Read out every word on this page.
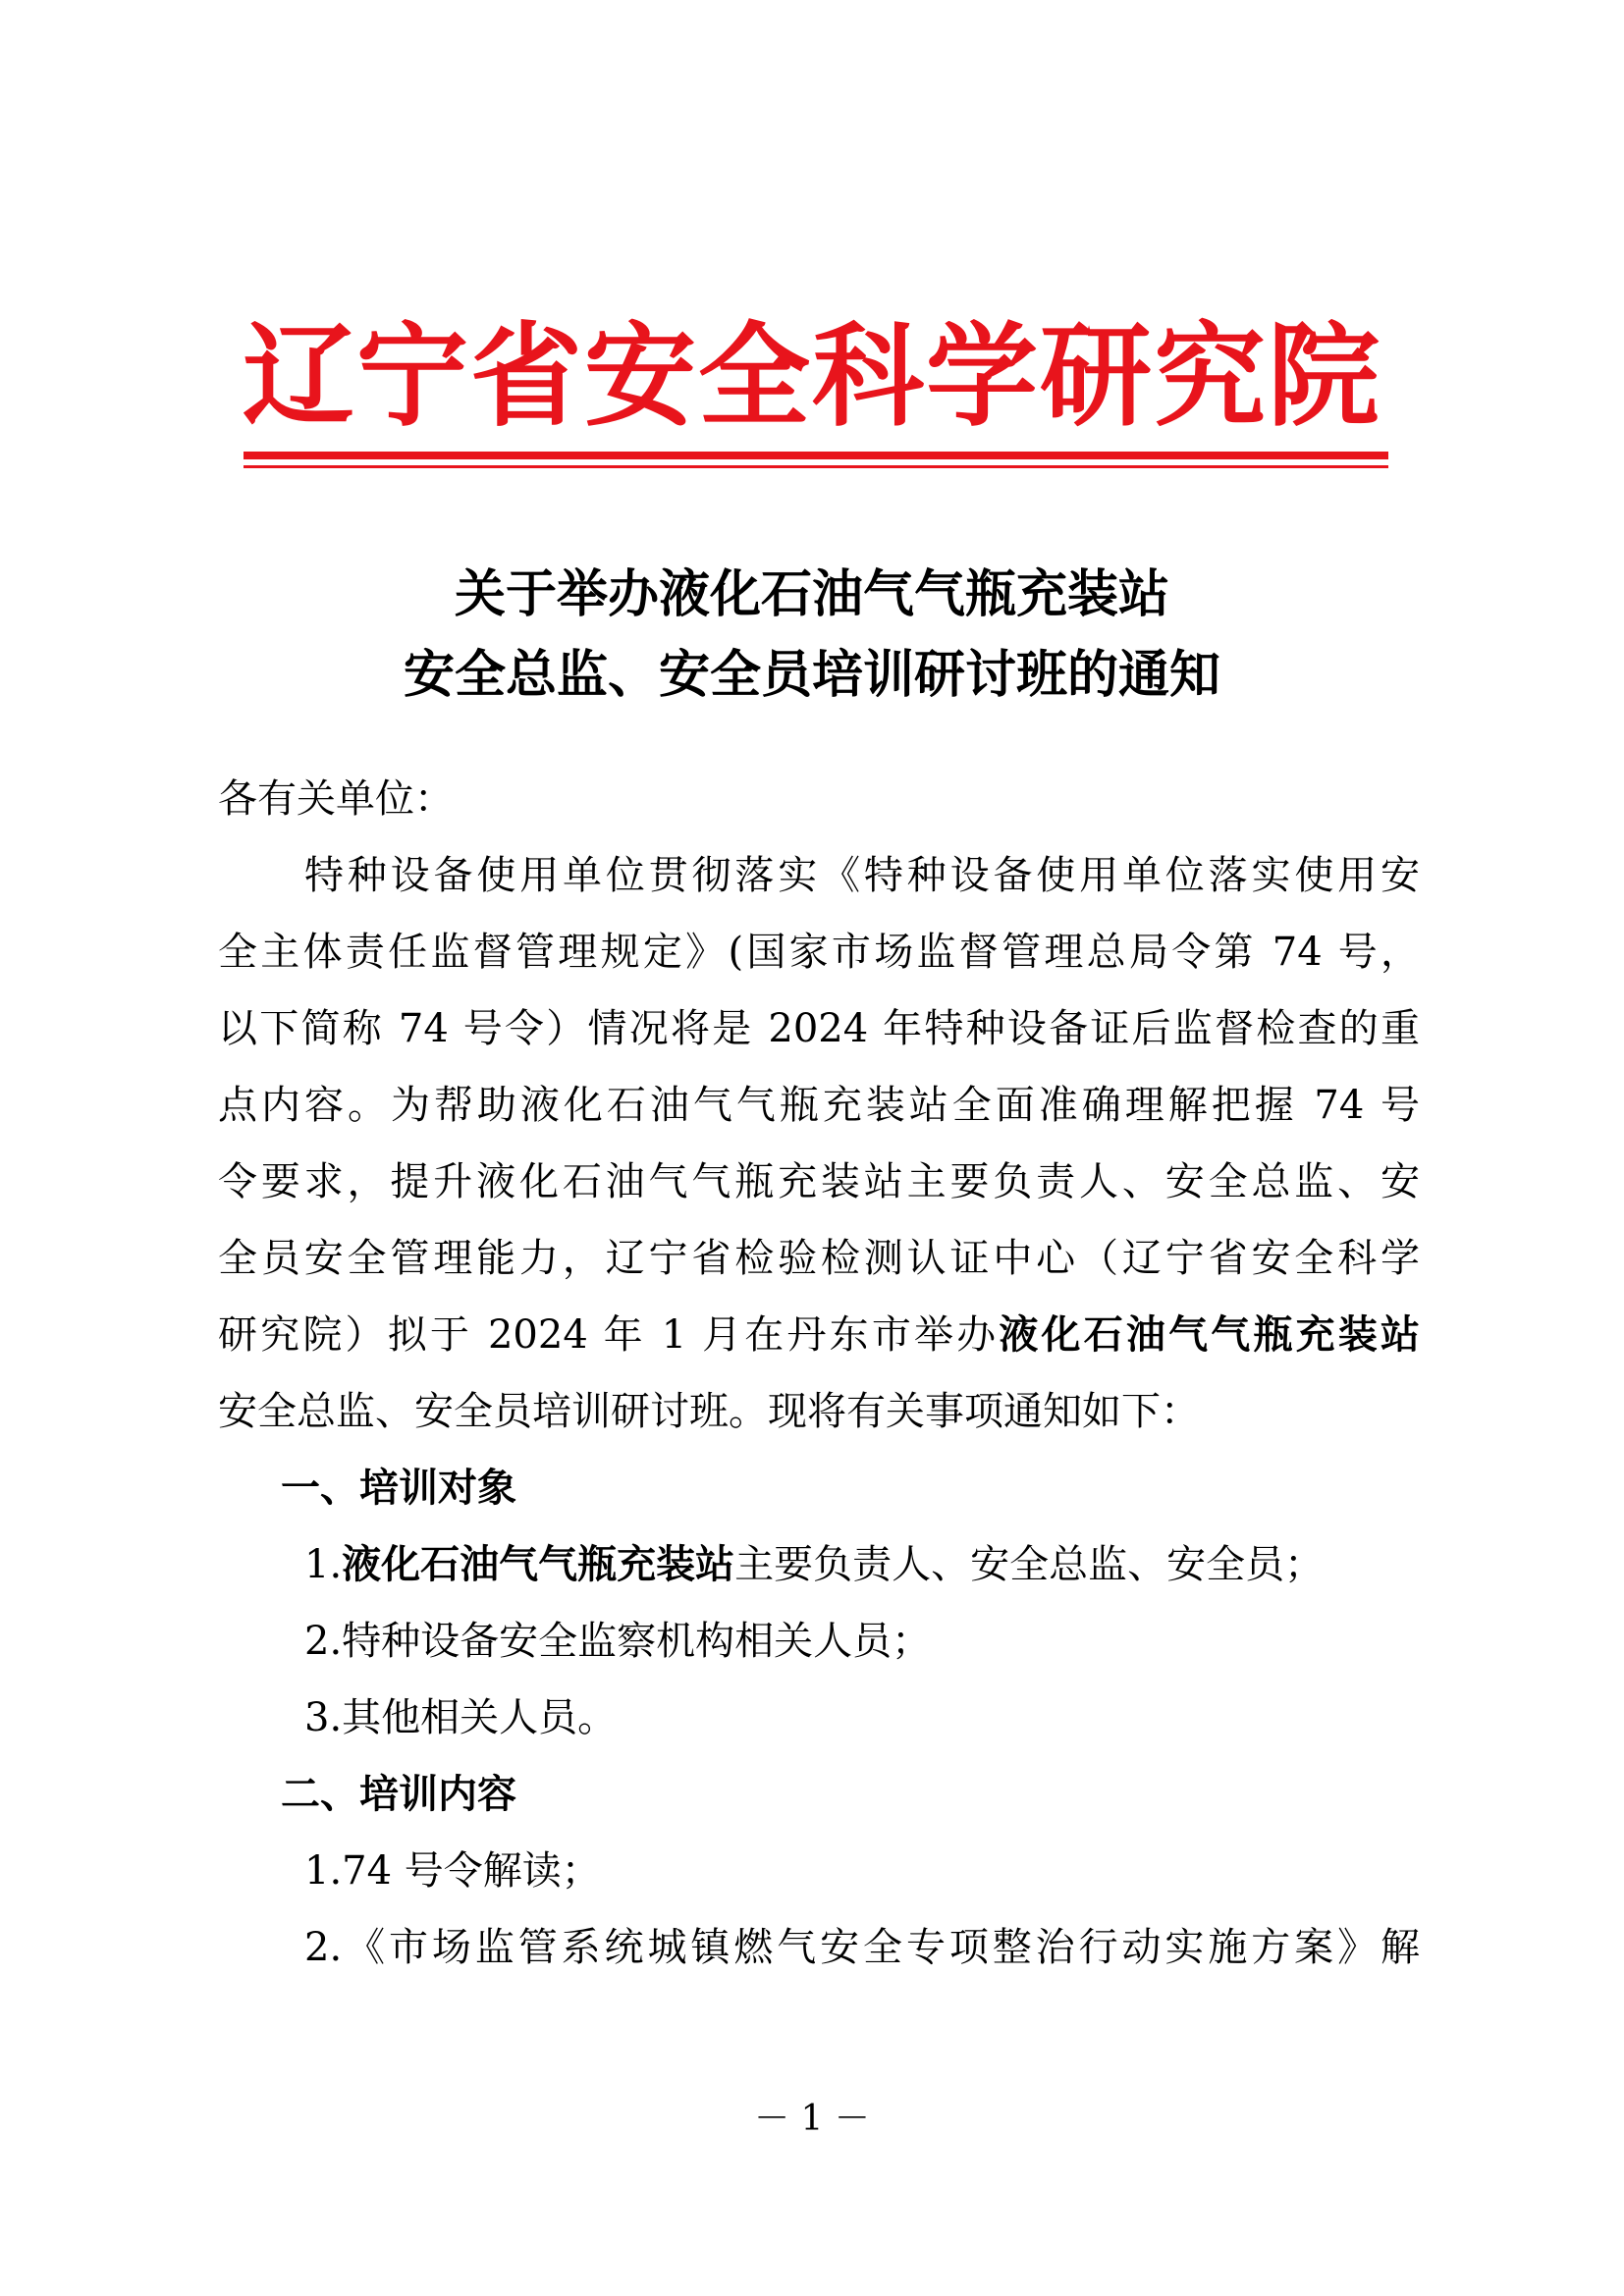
辽宁省安全科学研究院
关于举办液化石油气气瓶充装站
安全总监、安全员培训研讨班的通知
各有关单位：
特种设备使用单位贯彻落实《特种设备使用单位落实使用安
全主体责任监督管理规定》(国家市场监督管理总局令第 74 号，
以下简称 74 号令）情况将是 2024 年特种设备证后监督检查的重
点内容。为帮助液化石油气气瓶充装站全面准确理解把握 74 号
令要求，提升液化石油气气瓶充装站主要负责人、安全总监、安
全员安全管理能力，辽宁省检验检测认证中心（辽宁省安全科学
研究院）拟于 2024 年 1 月在丹东市举办液化石油气气瓶充装站
安全总监、安全员培训研讨班。现将有关事项通知如下：
一、培训对象
1.液化石油气气瓶充装站主要负责人、安全总监、安全员；
2.特种设备安全监察机构相关人员；
3.其他相关人员。
二、培训内容
1.74 号令解读；
2.《市场监管系统城镇燃气安全专项整治行动实施方案》解
－ 1 －
